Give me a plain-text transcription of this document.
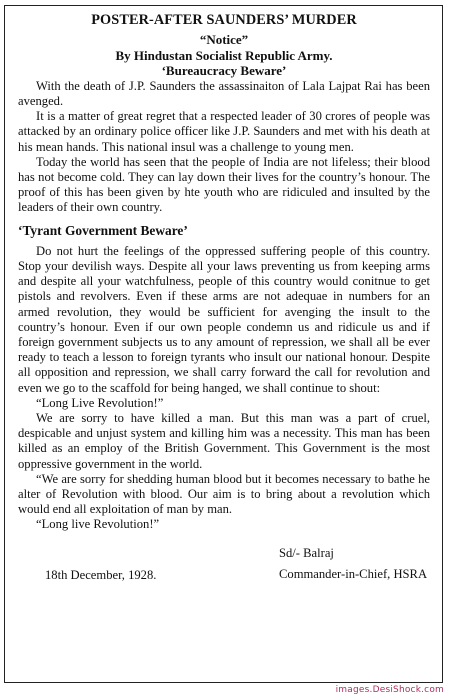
POSTER-AFTER SAUNDERS’ MURDER
“Notice”
By Hindustan Socialist Republic Army.
‘Bureaucracy Beware’

With the death of J.P. Saunders the assassinaiton of Lala Lajpat Rai has been avenged.

It is a matter of great regret that a respected leader of 30 crores of people was attacked by an ordinary police officer like J.P. Saunders and met with his death at his mean hands. This national insul was a challenge to young men.

Today the world has seen that the people of India are not lifeless; their blood has not become cold. They can lay down their lives for the country’s honour. The proof of this has been given by hte youth who are ridiculed and insulted by the leaders of their own country.

‘Tyrant Government Beware’

Do not hurt the feelings of the oppressed suffering people of this country. Stop your devilish ways. Despite all your laws preventing us from keeping arms and despite all your watchfulness, people of this country would conitnue to get pistols and revolvers. Even if these arms are not adequae in numbers for an armed revolution, they would be sufficient for avenging the insult to the country’s honour. Even if our own people condemn us and ridicule us and if foreign government subjects us to any amount of repression, we shall all be ever ready to teach a lesson to foreign tyrants who insult our national honour. Despite all opposition and repression, we shall carry forward the call for revolution and even we go to the scaffold for being hanged, we shall continue to shout:

“Long Live Revolution!”

We are sorry to have killed a man. But this man was a part of cruel, despicable and unjust system and killing him was a necessity. This man has been killed as an employ of the British Government. This Government is the most oppressive government in the world.

“We are sorry for shedding human blood but it becomes necessary to bathe he alter of Revolution with blood. Our aim is to bring about a revolution which would end all exploitation of man by man.

“Long live Revolution!”

Sd/- Balraj
18th December, 1928.	Commander-in-Chief, HSRA
images.DesiShock.com
